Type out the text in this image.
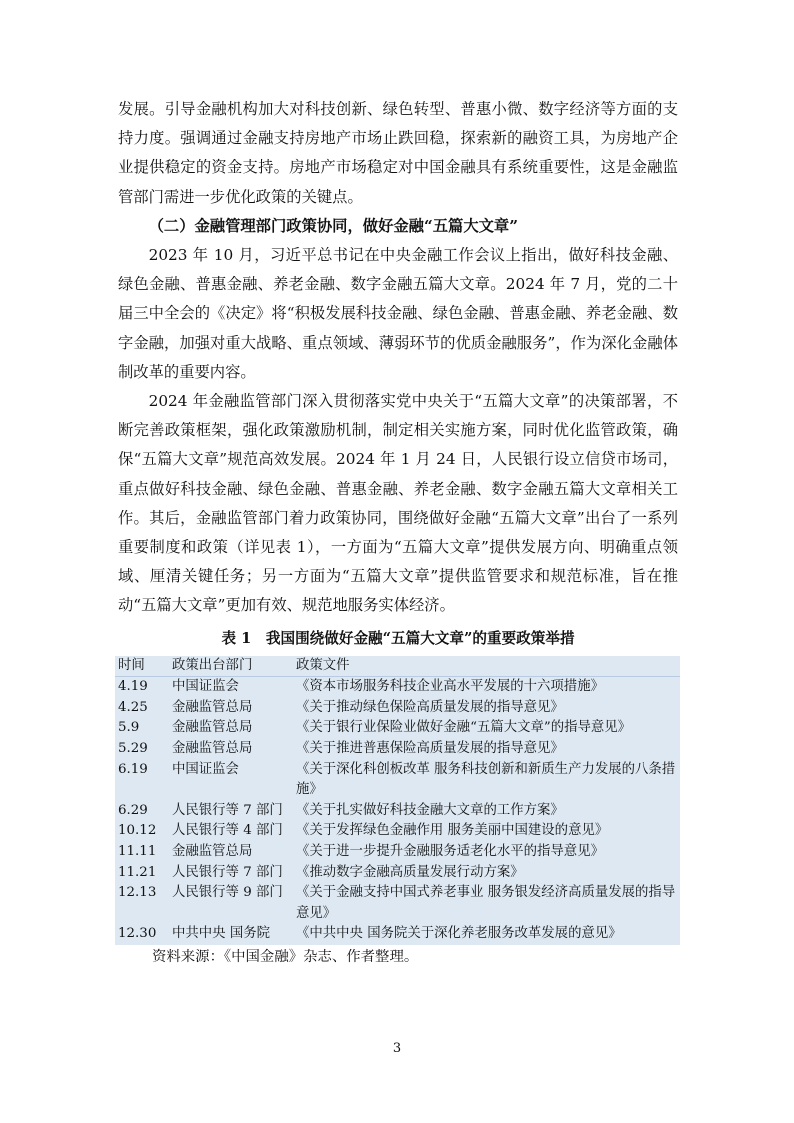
发展。引导金融机构加大对科技创新、绿色转型、普惠小微、数字经济等方面的支持力度。强调通过金融支持房地产市场止跌回稳，探索新的融资工具，为房地产企业提供稳定的资金支持。房地产市场稳定对中国金融具有系统重要性，这是金融监管部门需进一步优化政策的关键点。

（二）金融管理部门政策协同，做好金融“五篇大文章”

2023 年 10 月，习近平总书记在中央金融工作会议上指出，做好科技金融、绿色金融、普惠金融、养老金融、数字金融五篇大文章。2024 年 7 月，党的二十届三中全会的《决定》将“积极发展科技金融、绿色金融、普惠金融、养老金融、数字金融，加强对重大战略、重点领域、薄弱环节的优质金融服务”，作为深化金融体制改革的重要内容。

2024 年金融监管部门深入贯彻落实党中央关于“五篇大文章”的决策部署，不断完善政策框架，强化政策激励机制，制定相关实施方案，同时优化监管政策，确保“五篇大文章”规范高效发展。2024 年 1 月 24 日，人民银行设立信贷市场司，重点做好科技金融、绿色金融、普惠金融、养老金融、数字金融五篇大文章相关工作。其后，金融监管部门着力政策协同，围绕做好金融“五篇大文章”出台了一系列重要制度和政策（详见表 1），一方面为“五篇大文章”提供发展方向、明确重点领域、厘清关键任务；另一方面为“五篇大文章”提供监管要求和规范标准，旨在推动“五篇大文章”更加有效、规范地服务实体经济。

表 1　我国围绕做好金融“五篇大文章”的重要政策举措
时间	政策出台部门	政策文件
4.19	中国证监会	《资本市场服务科技企业高水平发展的十六项措施》
4.25	金融监管总局	《关于推动绿色保险高质量发展的指导意见》
5.9	金融监管总局	《关于银行业保险业做好金融“五篇大文章”的指导意见》
5.29	金融监管总局	《关于推进普惠保险高质量发展的指导意见》
6.19	中国证监会	《关于深化科创板改革 服务科技创新和新质生产力发展的八条措施》
6.29	人民银行等 7 部门	《关于扎实做好科技金融大文章的工作方案》
10.12	人民银行等 4 部门	《关于发挥绿色金融作用 服务美丽中国建设的意见》
11.11	金融监管总局	《关于进一步提升金融服务适老化水平的指导意见》
11.21	人民银行等 7 部门	《推动数字金融高质量发展行动方案》
12.13	人民银行等 9 部门	《关于金融支持中国式养老事业 服务银发经济高质量发展的指导意见》
12.30	中共中央 国务院	《中共中央 国务院关于深化养老服务改革发展的意见》
资料来源：《中国金融》杂志、作者整理。
3
